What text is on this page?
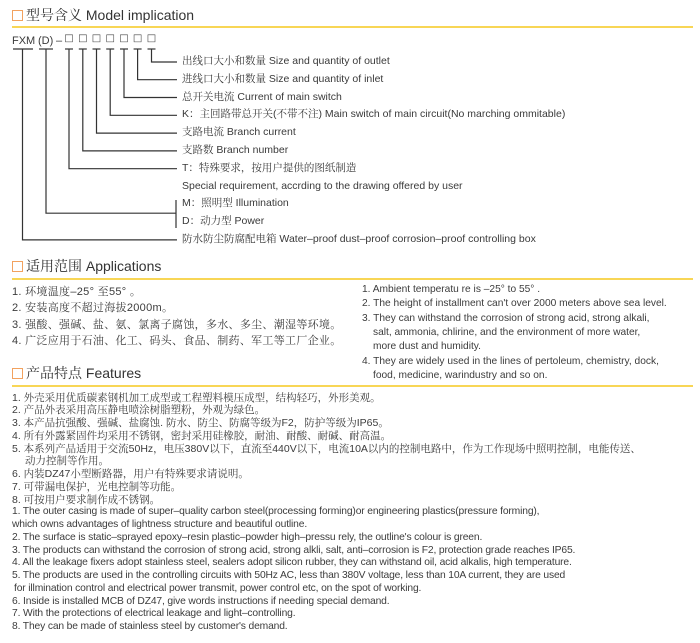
型号含义 Model implication
FXM (D) – □ □ □ □ □ □ □
出线口大小和数量 Size and quantity of outlet
进线口大小和数量 Size and quantity of inlet
总开关电流 Current of main switch
K：主回路带总开关(不带不注) Main switch of main circuit(No marching ommitable)
支路电流 Branch current
支路数 Branch number
T：特殊要求，按用户提供的图纸制造
Special requirement, accrding to the drawing offered by user
M：照明型 Illumination
D：动力型 Power
防水防尘防腐配电箱 Water–proof dust–proof corrosion–proof controlling box
适用范围 Applications
1. 环境温度–25° 至55° 。
2. 安装高度不超过海拔2000m。
3. 强酸、强碱、盐、氨、氯离子腐蚀，多水、多尘、潮湿等环境。
4. 广泛应用于石油、化工、码头、食品、制药、军工等工厂企业。
1. Ambient temperatu re is –25° to 55° .
2. The height of installment can't over 2000 meters above sea level.
3. They can withstand the corrosion of strong acid, strong alkali,
salt, ammonia, chlirine, and the environment of more water,
more dust and humidity.
4. They are widely used in the lines of pertoleum, chemistry, dock,
food, medicine, warindustry and so on.
产品特点 Features
1. 外壳采用优质碳素钢机加工成型或工程塑料模压成型，结构轻巧，外形美观。
2. 产品外表采用高压静电喷涂树脂塑粉，外观为绿色。
3. 本产品抗强酸、强碱、盐腐蚀. 防水、防尘、防腐等级为F2，防护等级为IP65。
4. 所有外露紧固件均采用不锈钢，密封采用硅橡胶，耐油、耐酸、耐碱、耐高温。
5. 本系列产品适用于交流50Hz，电压380V以下，直流至440V以下，电流10A以内的控制电路中，作为工作现场中照明控制，电能传送、
动力控制等作用。
6. 内装DZ47小型断路器，用户有特殊要求请说明。
7. 可带漏电保护，光电控制等功能。
8. 可按用户要求制作成不锈钢。
1. The outer casing is made of super–quality carbon steel(processing forming)or engineering plastics(pressure forming),
which owns advantages of lightness structure and beautiful outline.
2. The surface is static–sprayed epoxy–resin plastic–powder high–pressu rely, the outline's colour is green.
3. The products can withstand the corrosion of strong acid, strong alkli, salt, anti–corrosion is F2, protection grade reaches IP65.
4. All the leakage fixers adopt stainless steel, sealers adopt silicon rubber, they can withstand oil, acid alkalis, high temperature.
5. The products are used in the controlling circuits with 50Hz AC, less than 380V voltage, less than 10A current, they are used
for illmination control and electrical power transmit, power control etc, on the spot of working.
6. Inside is installed MCB of DZ47, give words instructions if needing special demand.
7. With the protections of electrical leakage and light–controlling.
8. They can be made of stainless steel by customer's demand.
